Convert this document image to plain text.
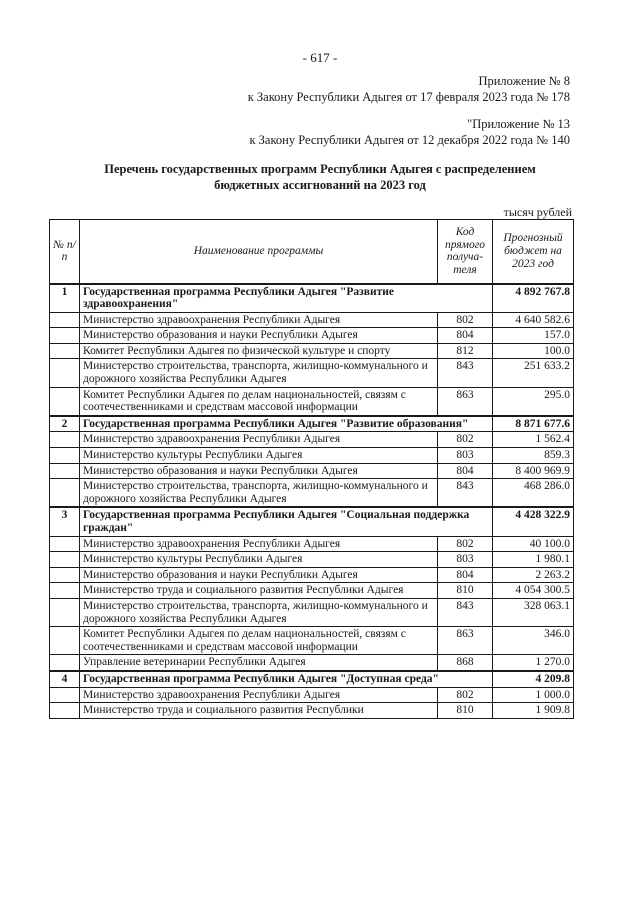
- 617 -
Приложение № 8
к Закону Республики Адыгея от 17 февраля 2023 года № 178
"Приложение № 13
к Закону Республики Адыгея от 12 декабря 2022 года № 140
Перечень государственных программ Республики Адыгея с распределением
бюджетных ассигнований на 2023 год
тысяч рублей
№ п/п	Наименование программы	Код прямого получа- теля	Прогнозный бюджет на 2023 год
1	Государственная программа Республики Адыгея "Развитие здравоохранения"		4 892 767.8
	Министерство здравоохранения Республики Адыгея	802	4 640 582.6
	Министерство образования и науки Республики Адыгея	804	157.0
	Комитет Республики Адыгея по физической культуре и спорту	812	100.0
	Министерство строительства, транспорта, жилищно-коммунального и дорожного хозяйства Республики Адыгея	843	251 633.2
	Комитет Республики Адыгея по делам национальностей, связям с соотечественниками и средствам массовой информации	863	295.0
2	Государственная программа Республики Адыгея "Развитие образования"		8 871 677.6
	Министерство здравоохранения Республики Адыгея	802	1 562.4
	Министерство культуры Республики Адыгея	803	859.3
	Министерство образования и науки Республики Адыгея	804	8 400 969.9
	Министерство строительства, транспорта, жилищно-коммунального и дорожного хозяйства Республики Адыгея	843	468 286.0
3	Государственная программа Республики Адыгея "Социальная поддержка граждан"		4 428 322.9
	Министерство здравоохранения Республики Адыгея	802	40 100.0
	Министерство культуры Республики Адыгея	803	1 980.1
	Министерство образования и науки Республики Адыгея	804	2 263.2
	Министерство труда и социального развития Республики Адыгея	810	4 054 300.5
	Министерство строительства, транспорта, жилищно-коммунального и дорожного хозяйства Республики Адыгея	843	328 063.1
	Комитет Республики Адыгея по делам национальностей, связям с соотечественниками и средствам массовой информации	863	346.0
	Управление ветеринарии Республики Адыгея	868	1 270.0
4	Государственная программа Республики Адыгея "Доступная среда"		4 209.8
	Министерство здравоохранения Республики Адыгея	802	1 000.0
	Министерство труда и социального развития Республики	810	1 909.8
